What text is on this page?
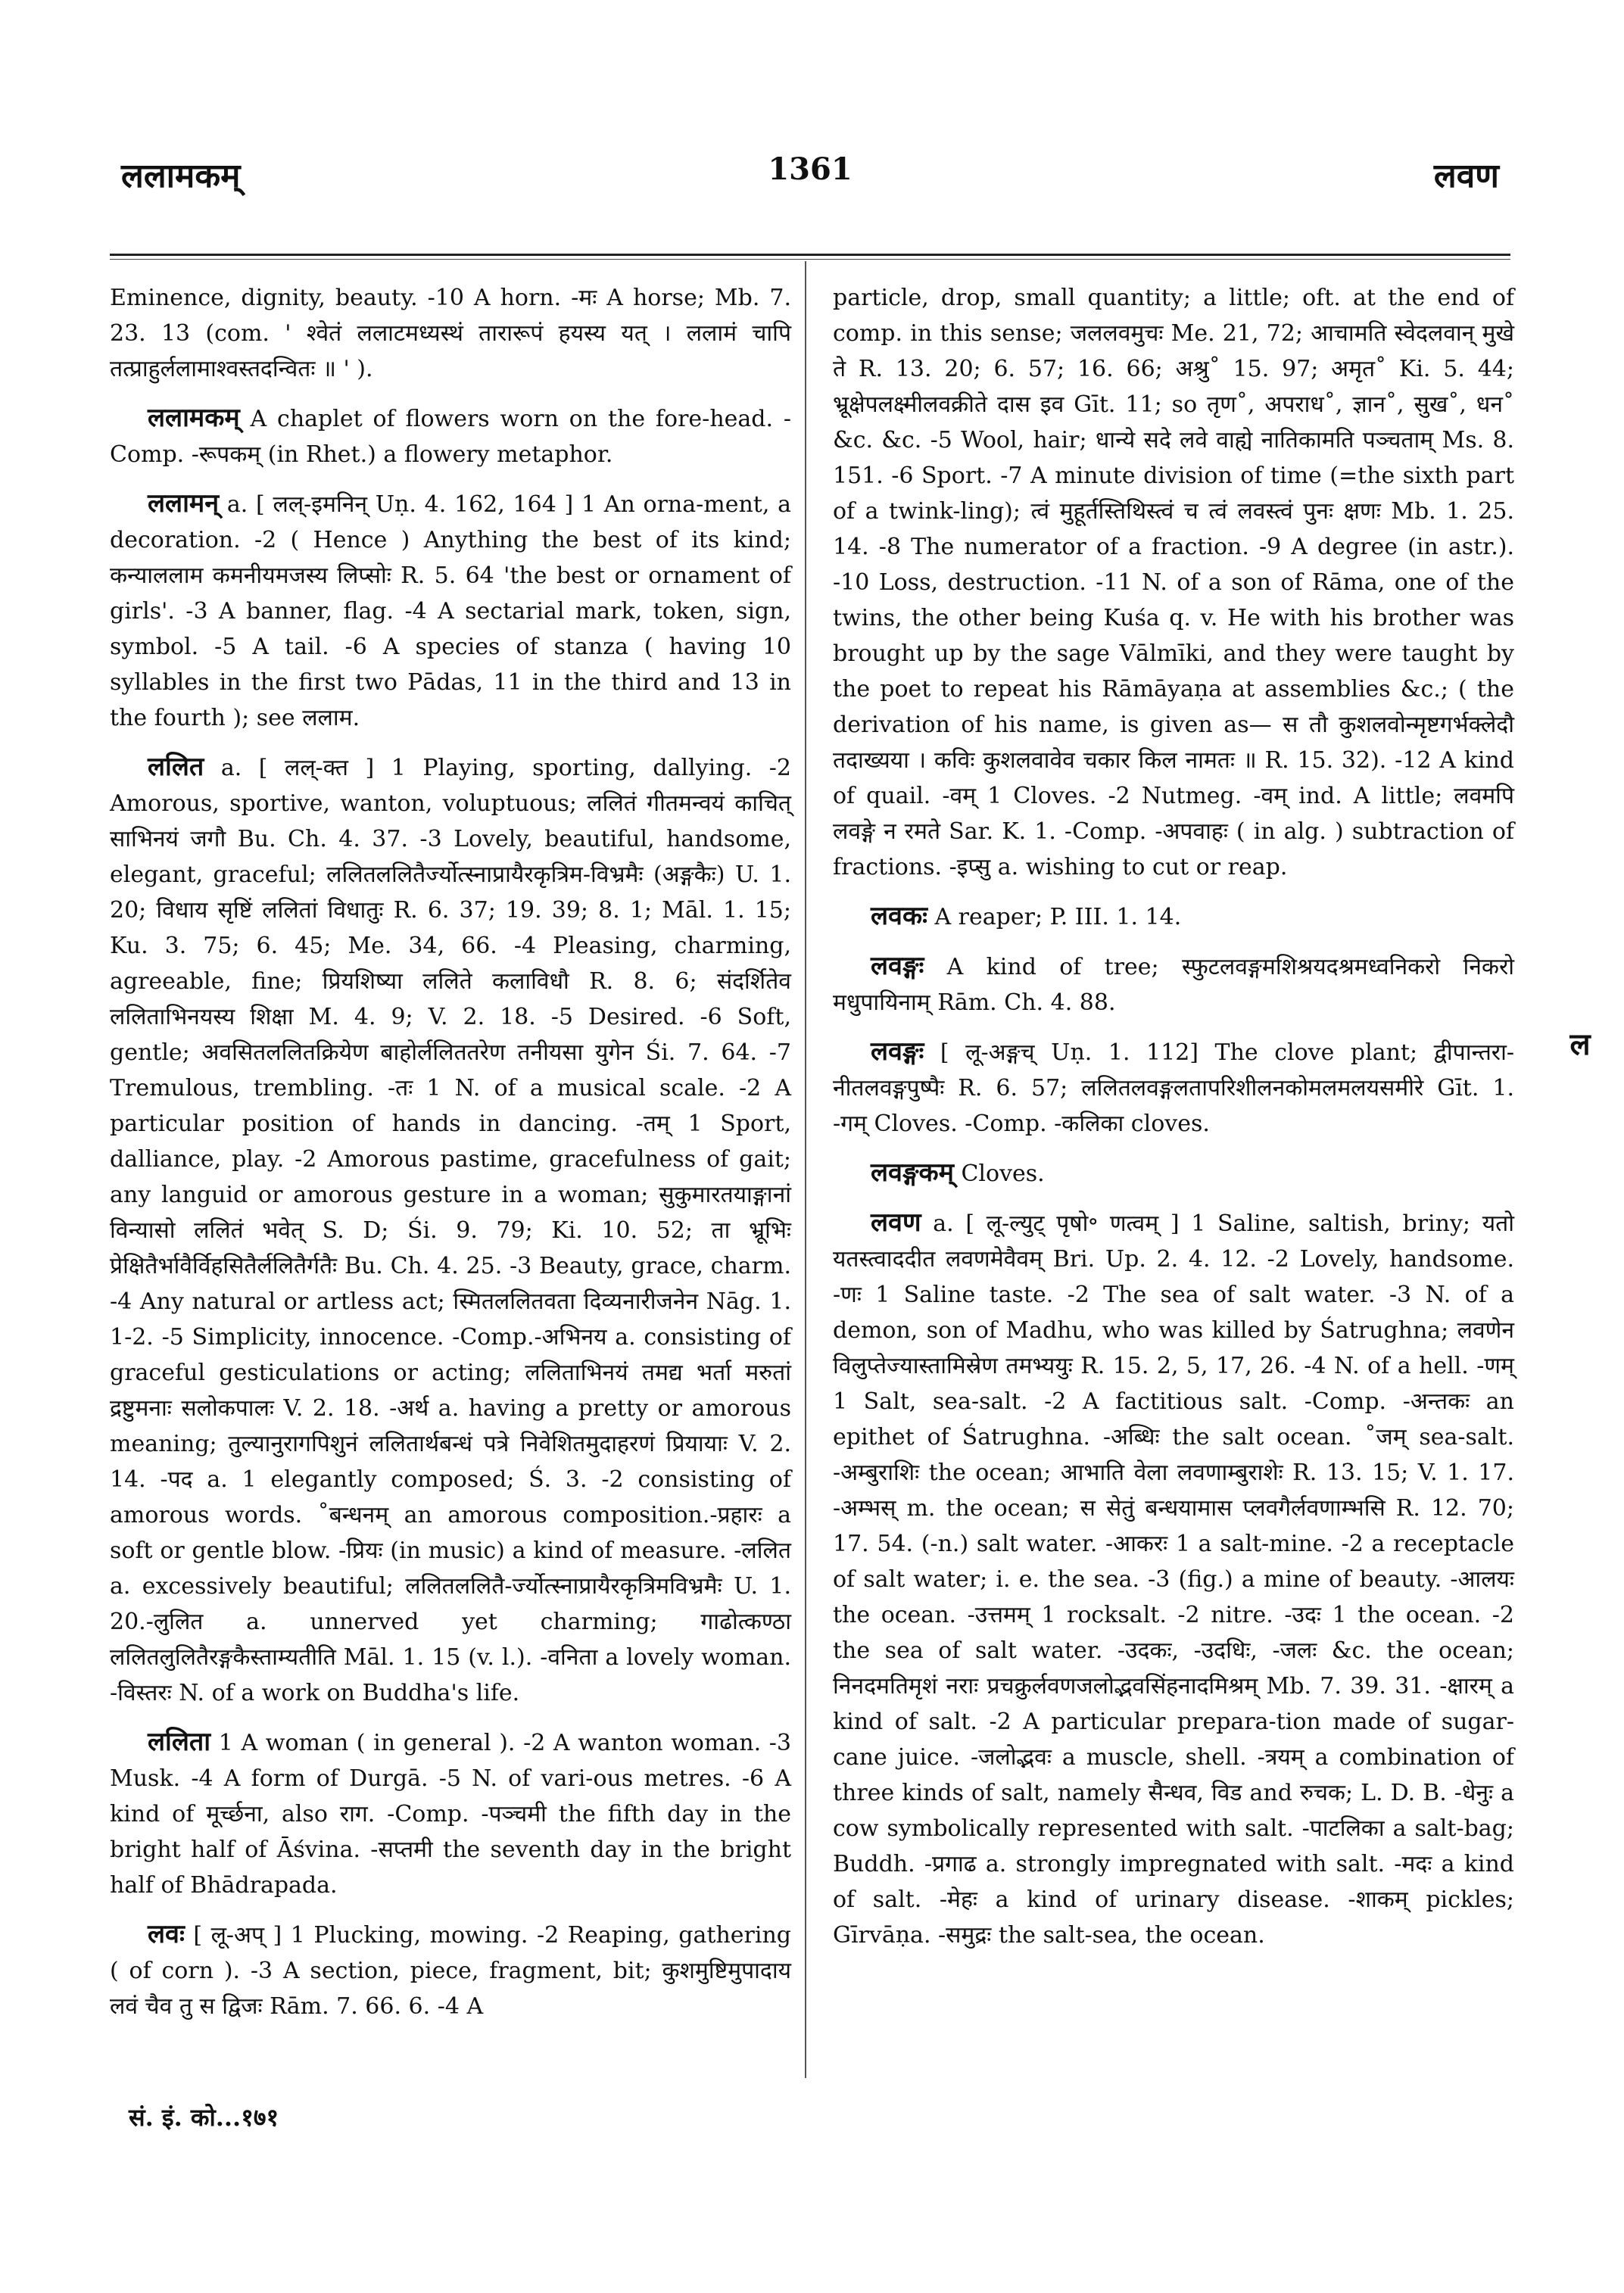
ललामकम्	1361	लवण

Eminence, dignity, beauty. -10 A horn. -मः A horse; Mb. 7. 23. 13 (com. ' श्वेतं ललाटमध्यस्थं तारारूपं हयस्य यत् । ललामं चापि तत्प्राहुर्ललामाश्वस्तदन्वितः ॥ ' ).

ललामकम् A chaplet of flowers worn on the fore-head. -Comp. -रूपकम् (in Rhet.) a flowery metaphor.

ललामन् a. [ लल्-इमनिन् Uṇ. 4. 162, 164 ] 1 An orna-ment, a decoration. -2 ( Hence ) Anything the best of its kind; कन्याललाम कमनीयमजस्य लिप्सोः R. 5. 64 'the best or ornament of girls'. -3 A banner, flag. -4 A sectarial mark, token, sign, symbol. -5 A tail. -6 A species of stanza ( having 10 syllables in the first two Pādas, 11 in the third and 13 in the fourth ); see ललाम.

ललित a. [ लल्-क्त ] 1 Playing, sporting, dallying. -2 Amorous, sportive, wanton, voluptuous; ललितं गीतमन्वयं काचित् साभिनयं जगौ Bu. Ch. 4. 37. -3 Lovely, beautiful, handsome, elegant, graceful; ललितललितैर्ज्योत्स्नाप्रायैरकृत्रिम-विभ्रमैः (अङ्गकैः) U. 1. 20; विधाय सृष्टिं ललितां विधातुः R. 6. 37; 19. 39; 8. 1; Māl. 1. 15; Ku. 3. 75; 6. 45; Me. 34, 66. -4 Pleasing, charming, agreeable, fine; प्रियशिष्या ललिते कलाविधौ R. 8. 6; संदर्शितेव ललिताभिनयस्य शिक्षा M. 4. 9; V. 2. 18. -5 Desired. -6 Soft, gentle; अवसितललितक्रियेण बाहोर्ललिततरेण तनीयसा युगेन Śi. 7. 64. -7 Tremulous, trembling. -तः 1 N. of a musical scale. -2 A particular position of hands in dancing. -तम् 1 Sport, dalliance, play. -2 Amorous pastime, gracefulness of gait; any languid or amorous gesture in a woman; सुकुमारतयाङ्गानां विन्यासो ललितं भवेत् S. D; Śi. 9. 79; Ki. 10. 52; ता भ्रूभिः प्रेक्षितैर्भावैर्विहसितैर्ललितैर्गतैः Bu. Ch. 4. 25. -3 Beauty, grace, charm. -4 Any natural or artless act; स्मितललितवता दिव्यनारीजनेन Nāg. 1. 1-2. -5 Simplicity, innocence. -Comp.-अभिनय a. consisting of graceful gesticulations or acting; ललिताभिनयं तमद्य भर्ता मरुतां द्रष्टुमनाः सलोकपालः V. 2. 18. -अर्थ a. having a pretty or amorous meaning; तुल्यानुरागपिशुनं ललितार्थबन्धं पत्रे निवेशितमुदाहरणं प्रियायाः V. 2. 14. -पद a. 1 elegantly composed; Ś. 3. -2 consisting of amorous words. ˚बन्धनम् an amorous composition.-प्रहारः a soft or gentle blow. -प्रियः (in music) a kind of measure. -ललित a. excessively beautiful; ललितललितै-र्ज्योत्स्नाप्रायैरकृत्रिमविभ्रमैः U. 1. 20.-लुलित a. unnerved yet charming; गाढोत्कण्ठा ललितलुलितैरङ्गकैस्ताम्यतीति Māl. 1. 15 (v. l.). -वनिता a lovely woman. -विस्तरः N. of a work on Buddha's life.

ललिता 1 A woman ( in general ). -2 A wanton woman. -3 Musk. -4 A form of Durgā. -5 N. of vari-ous metres. -6 A kind of मूर्च्छना, also राग. -Comp. -पञ्चमी the fifth day in the bright half of Āśvina. -सप्तमी the seventh day in the bright half of Bhādrapada.

लवः [ लू-अप् ] 1 Plucking, mowing. -2 Reaping, gathering ( of corn ). -3 A section, piece, fragment, bit; कुशमुष्टिमुपादाय लवं चैव तु स द्विजः Rām. 7. 66. 6. -4 A

particle, drop, small quantity; a little; oft. at the end of comp. in this sense; जललवमुचः Me. 21, 72; आचामति स्वेदलवान् मुखे ते R. 13. 20; 6. 57; 16. 66; अश्रु˚ 15. 97; अमृत˚ Ki. 5. 44; भ्रूक्षेपलक्ष्मीलवक्रीते दास इव Gīt. 11; so तृण˚, अपराध˚, ज्ञान˚, सुख˚, धन˚ &c. &c. -5 Wool, hair; धान्ये सदे लवे वाह्ये नातिकामति पञ्चताम् Ms. 8. 151. -6 Sport. -7 A minute division of time (=the sixth part of a twink-ling); त्वं मुहूर्तस्तिथिस्त्वं च त्वं लवस्त्वं पुनः क्षणः Mb. 1. 25. 14. -8 The numerator of a fraction. -9 A degree (in astr.). -10 Loss, destruction. -11 N. of a son of Rāma, one of the twins, the other being Kuśa q. v. He with his brother was brought up by the sage Vālmīki, and they were taught by the poet to repeat his Rāmāyaṇa at assemblies &c.; ( the derivation of his name, is given as— स तौ कुशलवोन्मृष्टगर्भक्लेदौ तदाख्यया । कविः कुशलवावेव चकार किल नामतः ॥ R. 15. 32). -12 A kind of quail. -वम् 1 Cloves. -2 Nutmeg. -वम् ind. A little; लवमपि लवङ्गे न रमते Sar. K. 1. -Comp. -अपवाहः ( in alg. ) subtraction of fractions. -इप्सु a. wishing to cut or reap.

लवकः A reaper; P. III. 1. 14.

लवङ्गः A kind of tree; स्फुटलवङ्गमशिश्रयदश्रमध्वनिकरो निकरो मधुपायिनाम् Rām. Ch. 4. 88.

लवङ्गः [ लू-अङ्गच् Uṇ. 1. 112] The clove plant; द्वीपान्तरा-नीतलवङ्गपुष्पैः R. 6. 57; ललितलवङ्गलतापरिशीलनकोमलमलयसमीरे Gīt. 1. -गम् Cloves. -Comp. -कलिका cloves.

लवङ्गकम् Cloves.

लवण a. [ लू-ल्युट् पृषो॰ णत्वम् ] 1 Saline, saltish, briny; यतो यतस्त्वाददीत लवणमेवैवम् Bri. Up. 2. 4. 12. -2 Lovely, handsome. -णः 1 Saline taste. -2 The sea of salt water. -3 N. of a demon, son of Madhu, who was killed by Śatrughna; लवणेन विलुप्तेज्यास्तामिस्रेण तमभ्ययुः R. 15. 2, 5, 17, 26. -4 N. of a hell. -णम् 1 Salt, sea-salt. -2 A factitious salt. -Comp. -अन्तकः an epithet of Śatrughna. -अब्धिः the salt ocean. ˚जम् sea-salt. -अम्बुराशिः the ocean; आभाति वेला लवणाम्बुराशेः R. 13. 15; V. 1. 17. -अम्भस् m. the ocean; स सेतुं बन्धयामास प्लवगैर्लवणाम्भसि R. 12. 70; 17. 54. (-n.) salt water. -आकरः 1 a salt-mine. -2 a receptacle of salt water; i. e. the sea. -3 (fig.) a mine of beauty. -आलयः the ocean. -उत्तमम् 1 rocksalt. -2 nitre. -उदः 1 the ocean. -2 the sea of salt water. -उदकः, -उदधिः, -जलः &c. the ocean; निनदमतिमृशं नराः प्रचक्रुर्लवणजलोद्भवसिंहनादमिश्रम् Mb. 7. 39. 31. -क्षारम् a kind of salt. -2 A particular prepara-tion made of sugar-cane juice. -जलोद्भवः a muscle, shell. -त्रयम् a combination of three kinds of salt, namely सैन्धव, विड and रुचक; L. D. B. -धेनुः a cow symbolically represented with salt. -पाटलिका a salt-bag; Buddh. -प्रगाढ a. strongly impregnated with salt. -मदः a kind of salt. -मेहः a kind of urinary disease. -शाकम् pickles; Gīrvāṇa. -समुद्रः the salt-sea, the ocean.

ल
सं. इं. को...१७१
